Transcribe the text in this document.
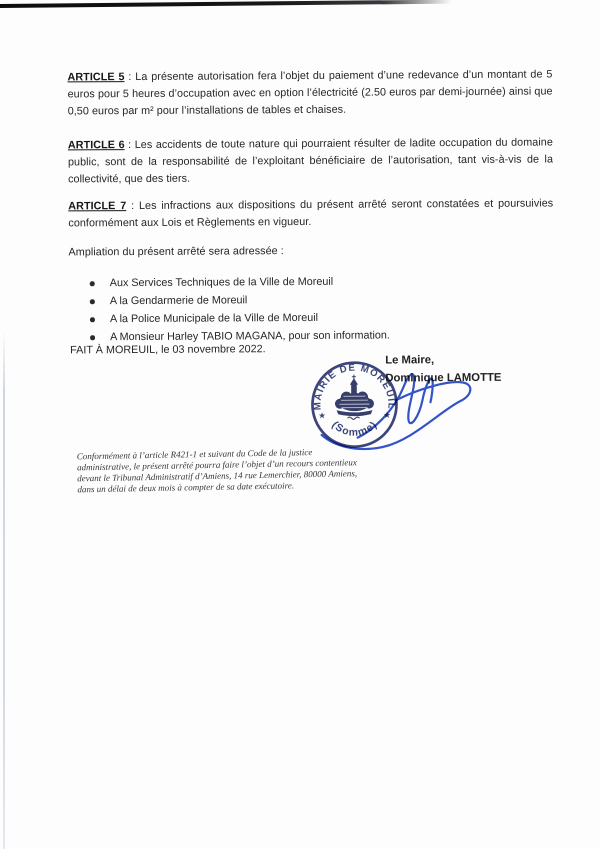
ARTICLE 5 : La présente autorisation fera l’objet du paiement d’une redevance d’un montant de 5 euros pour 5 heures d’occupation avec en option l’électricité (2.50 euros par demi-journée) ainsi que 0,50 euros par m² pour l’installations de tables et chaises.

ARTICLE 6 : Les accidents de toute nature qui pourraient résulter de ladite occupation du domaine public, sont de la responsabilité de l’exploitant bénéficiaire de l’autorisation, tant vis-à-vis de la collectivité, que des tiers.

ARTICLE 7 : Les infractions aux dispositions du présent arrêté seront constatées et poursuivies conformément aux Lois et Règlements en vigueur.

Ampliation du présent arrêté sera adressée :

Aux Services Techniques de la Ville de Moreuil
A la Gendarmerie de Moreuil
A la Police Municipale de la Ville de Moreuil
A Monsieur Harley TABIO MAGANA, pour son information.

FAIT À MOREUIL, le 03 novembre 2022.

Le Maire,
Dominique LAMOTTE
MAIRIE DE MOREUIL
(Somme)
★	★
Conformément à l’article R421-1 et suivant du Code de la justice
administrative, le présent arrêté pourra faire l’objet d’un recours contentieux
devant le Tribunal Administratif d’Amiens, 14 rue Lemerchier, 80000 Amiens,
dans un délai de deux mois à compter de sa date exécutoire.
